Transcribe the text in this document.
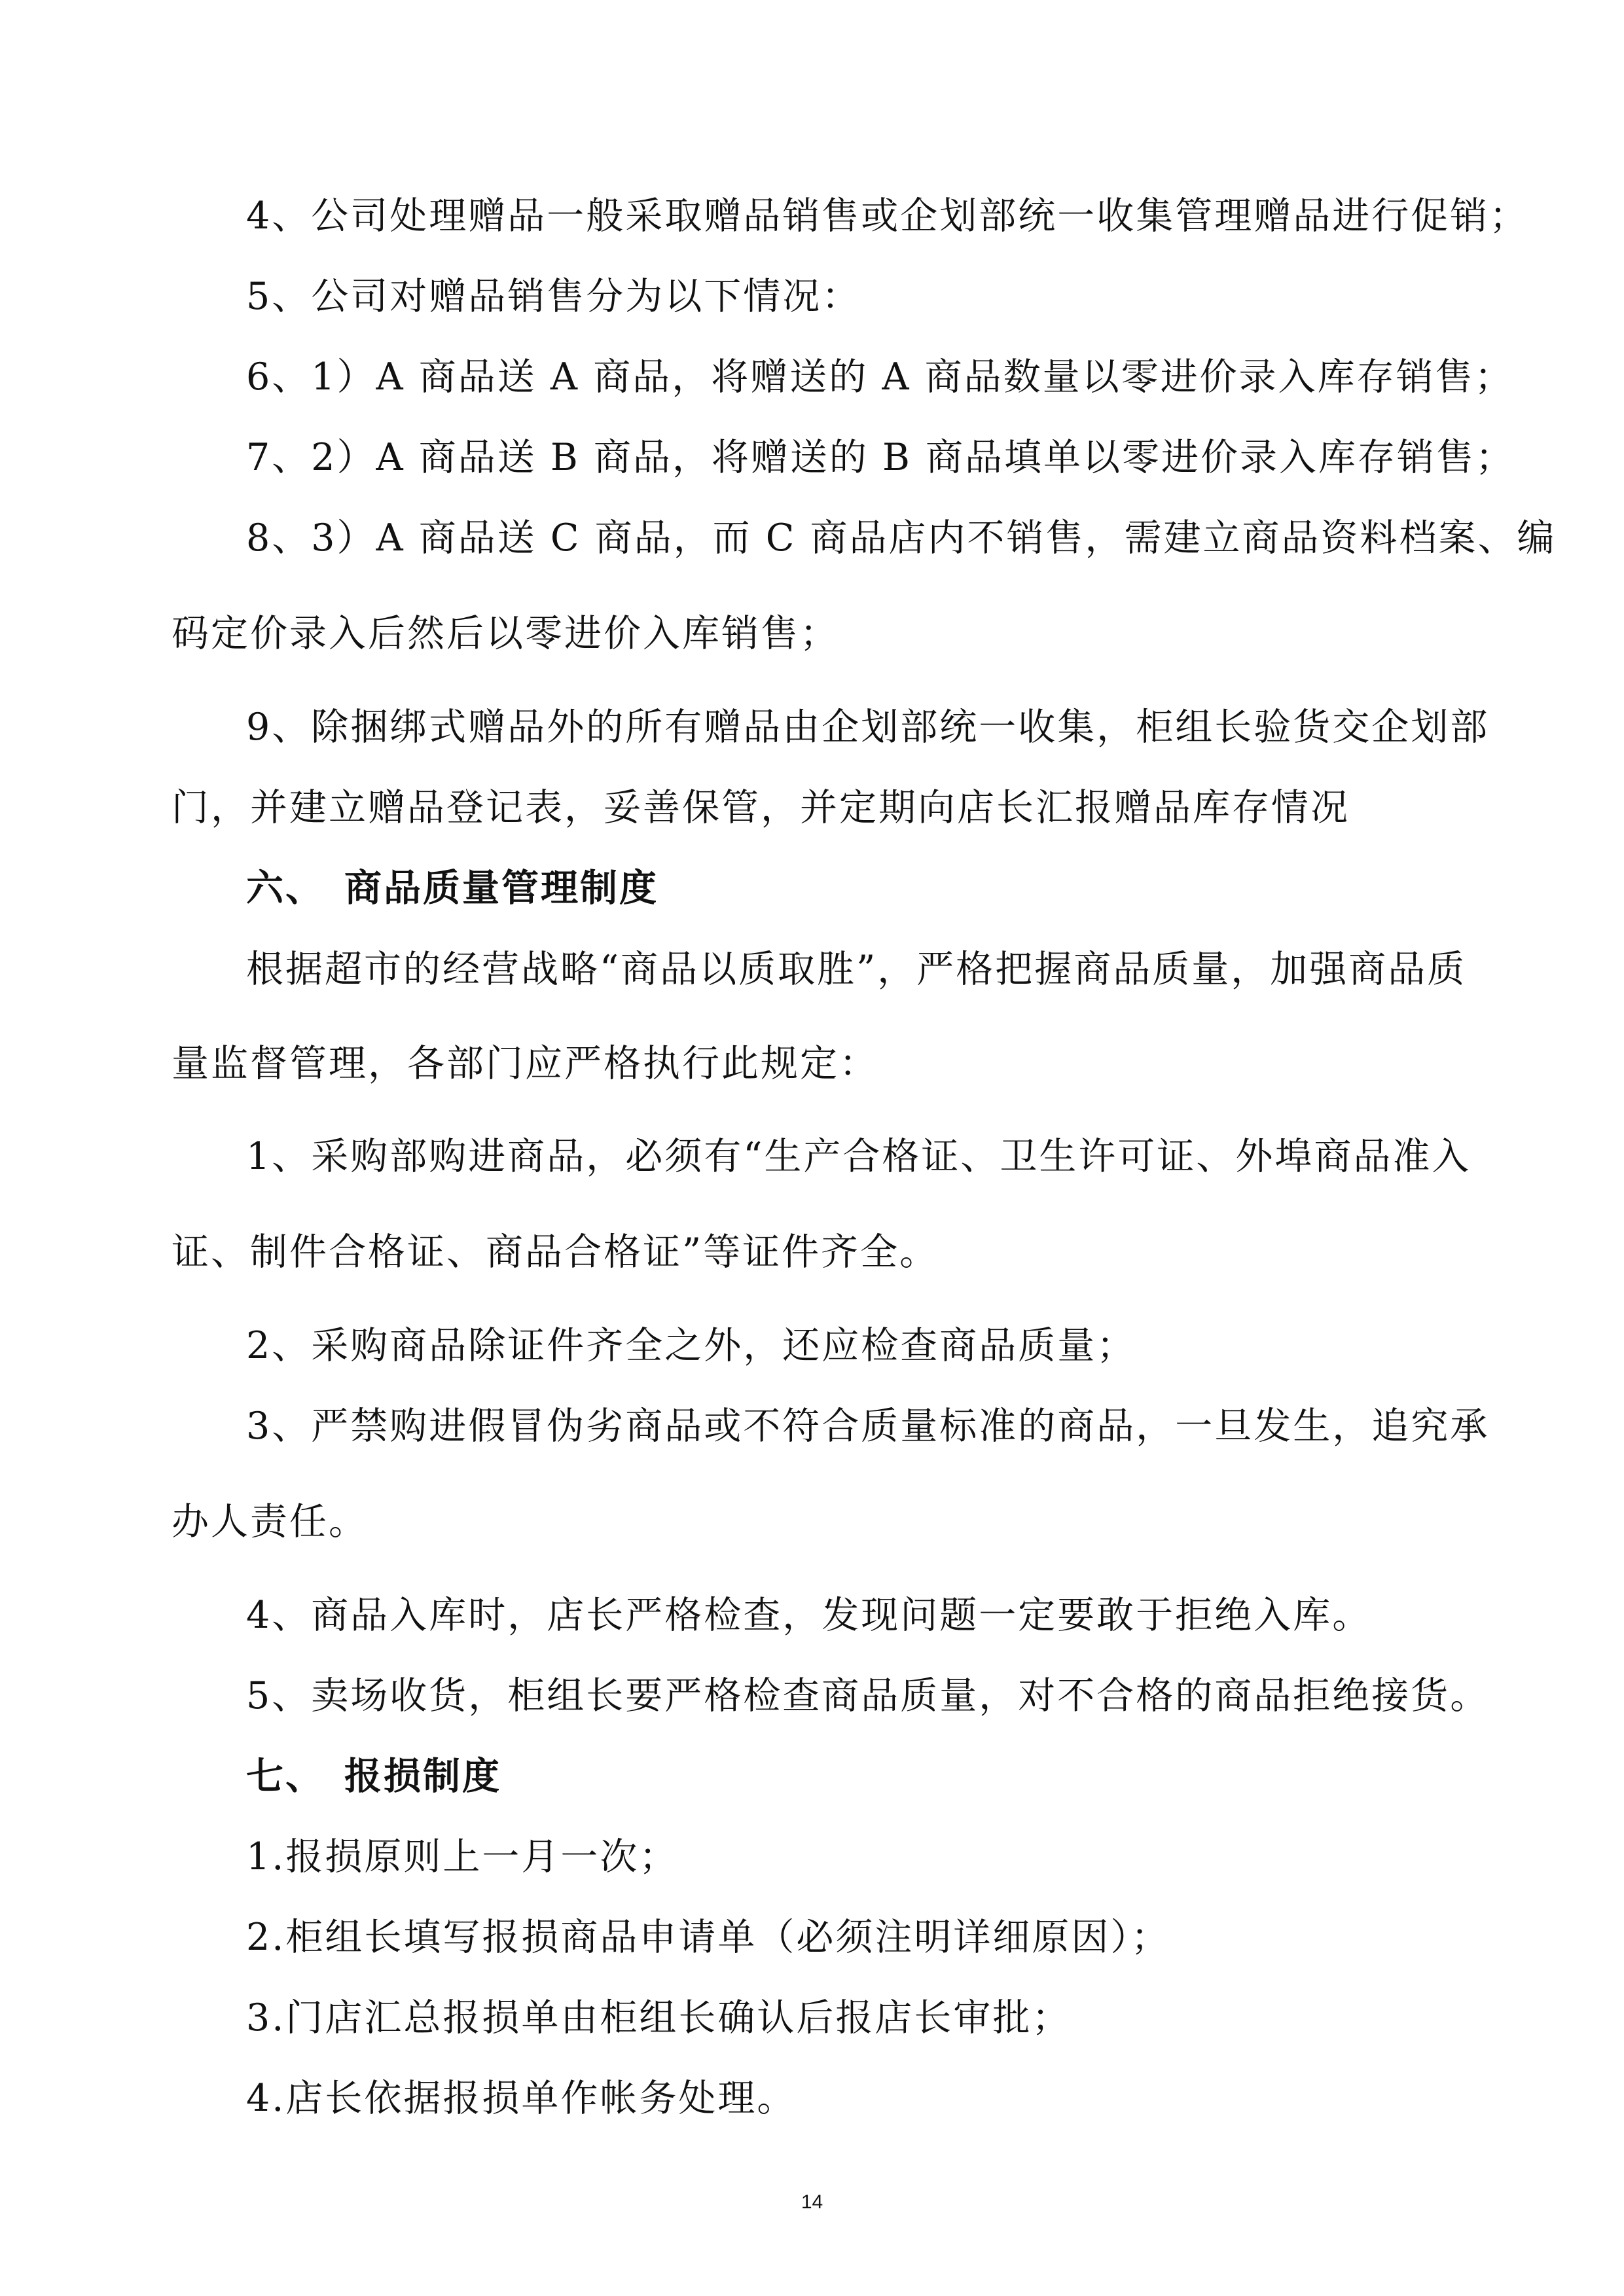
4、公司处理赠品一般采取赠品销售或企划部统一收集管理赠品进行促销；
5、公司对赠品销售分为以下情况：
6、1）A 商品送 A 商品，将赠送的 A 商品数量以零进价录入库存销售；
7、2）A 商品送 B 商品，将赠送的 B 商品填单以零进价录入库存销售；
8、3）A 商品送 C 商品，而 C 商品店内不销售，需建立商品资料档案、编
码定价录入后然后以零进价入库销售；
9、除捆绑式赠品外的所有赠品由企划部统一收集，柜组长验货交企划部
门，并建立赠品登记表，妥善保管，并定期向店长汇报赠品库存情况
六、 商品质量管理制度
根据超市的经营战略“商品以质取胜”，严格把握商品质量，加强商品质
量监督管理，各部门应严格执行此规定：
1、采购部购进商品，必须有“生产合格证、卫生许可证、外埠商品准入
证、制件合格证、商品合格证”等证件齐全。
2、采购商品除证件齐全之外，还应检查商品质量；
3、严禁购进假冒伪劣商品或不符合质量标准的商品，一旦发生，追究承
办人责任。
4、商品入库时，店长严格检查，发现问题一定要敢于拒绝入库。
5、卖场收货，柜组长要严格检查商品质量，对不合格的商品拒绝接货。
七、 报损制度
1.报损原则上一月一次；
2.柜组长填写报损商品申请单（必须注明详细原因）；
3.门店汇总报损单由柜组长确认后报店长审批；
4.店长依据报损单作帐务处理。
14
